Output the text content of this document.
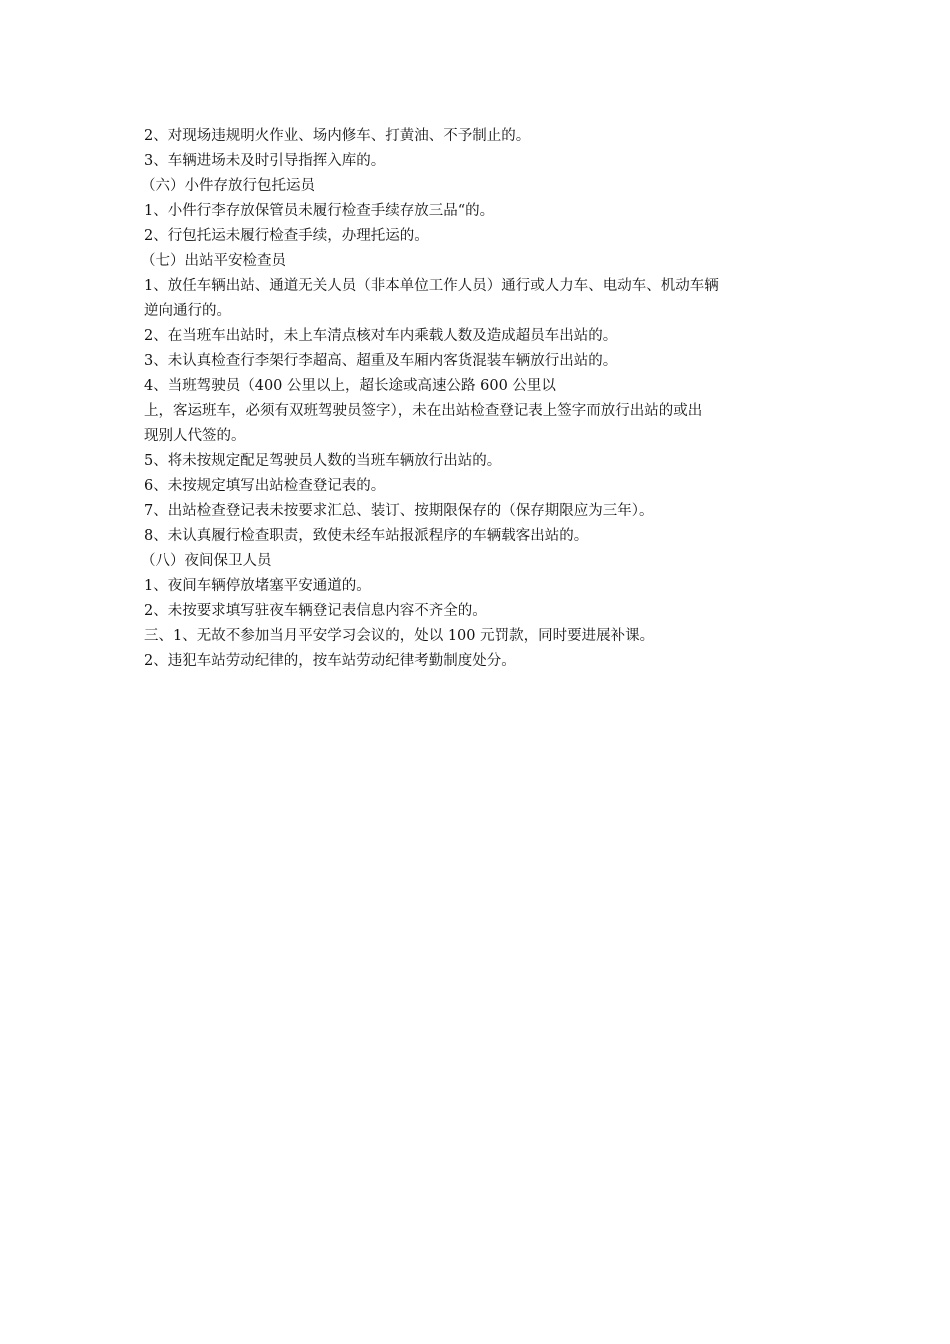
2、对现场违规明火作业、场内修车、打黄油、不予制止的。

3、车辆进场未及时引导指挥入库的。

（六）小件存放行包托运员

1、小件行李存放保管员未履行检查手续存放三品“的。

2、行包托运未履行检查手续，办理托运的。

（七）出站平安检查员

1、放任车辆出站、通道无关人员（非本单位工作人员）通行或人力车、电动车、机动车辆

逆向通行的。

2、在当班车出站时，未上车清点核对车内乘载人数及造成超员车出站的。

3、未认真检查行李架行李超高、超重及车厢内客货混装车辆放行出站的。

4、当班驾驶员（400 公里以上，超长途或高速公路 600 公里以

上，客运班车，必须有双班驾驶员签字），未在出站检查登记表上签字而放行出站的或出

现别人代签的。

5、将未按规定配足驾驶员人数的当班车辆放行出站的。

6、未按规定填写出站检查登记表的。

7、出站检查登记表未按要求汇总、装订、按期限保存的（保存期限应为三年）。

8、未认真履行检查职责，致使未经车站报派程序的车辆载客出站的。

（八）夜间保卫人员

1、夜间车辆停放堵塞平安通道的。

2、未按要求填写驻夜车辆登记表信息内容不齐全的。

三、1、无故不参加当月平安学习会议的，处以 100 元罚款，同时要进展补课。

2、违犯车站劳动纪律的，按车站劳动纪律考勤制度处分。
